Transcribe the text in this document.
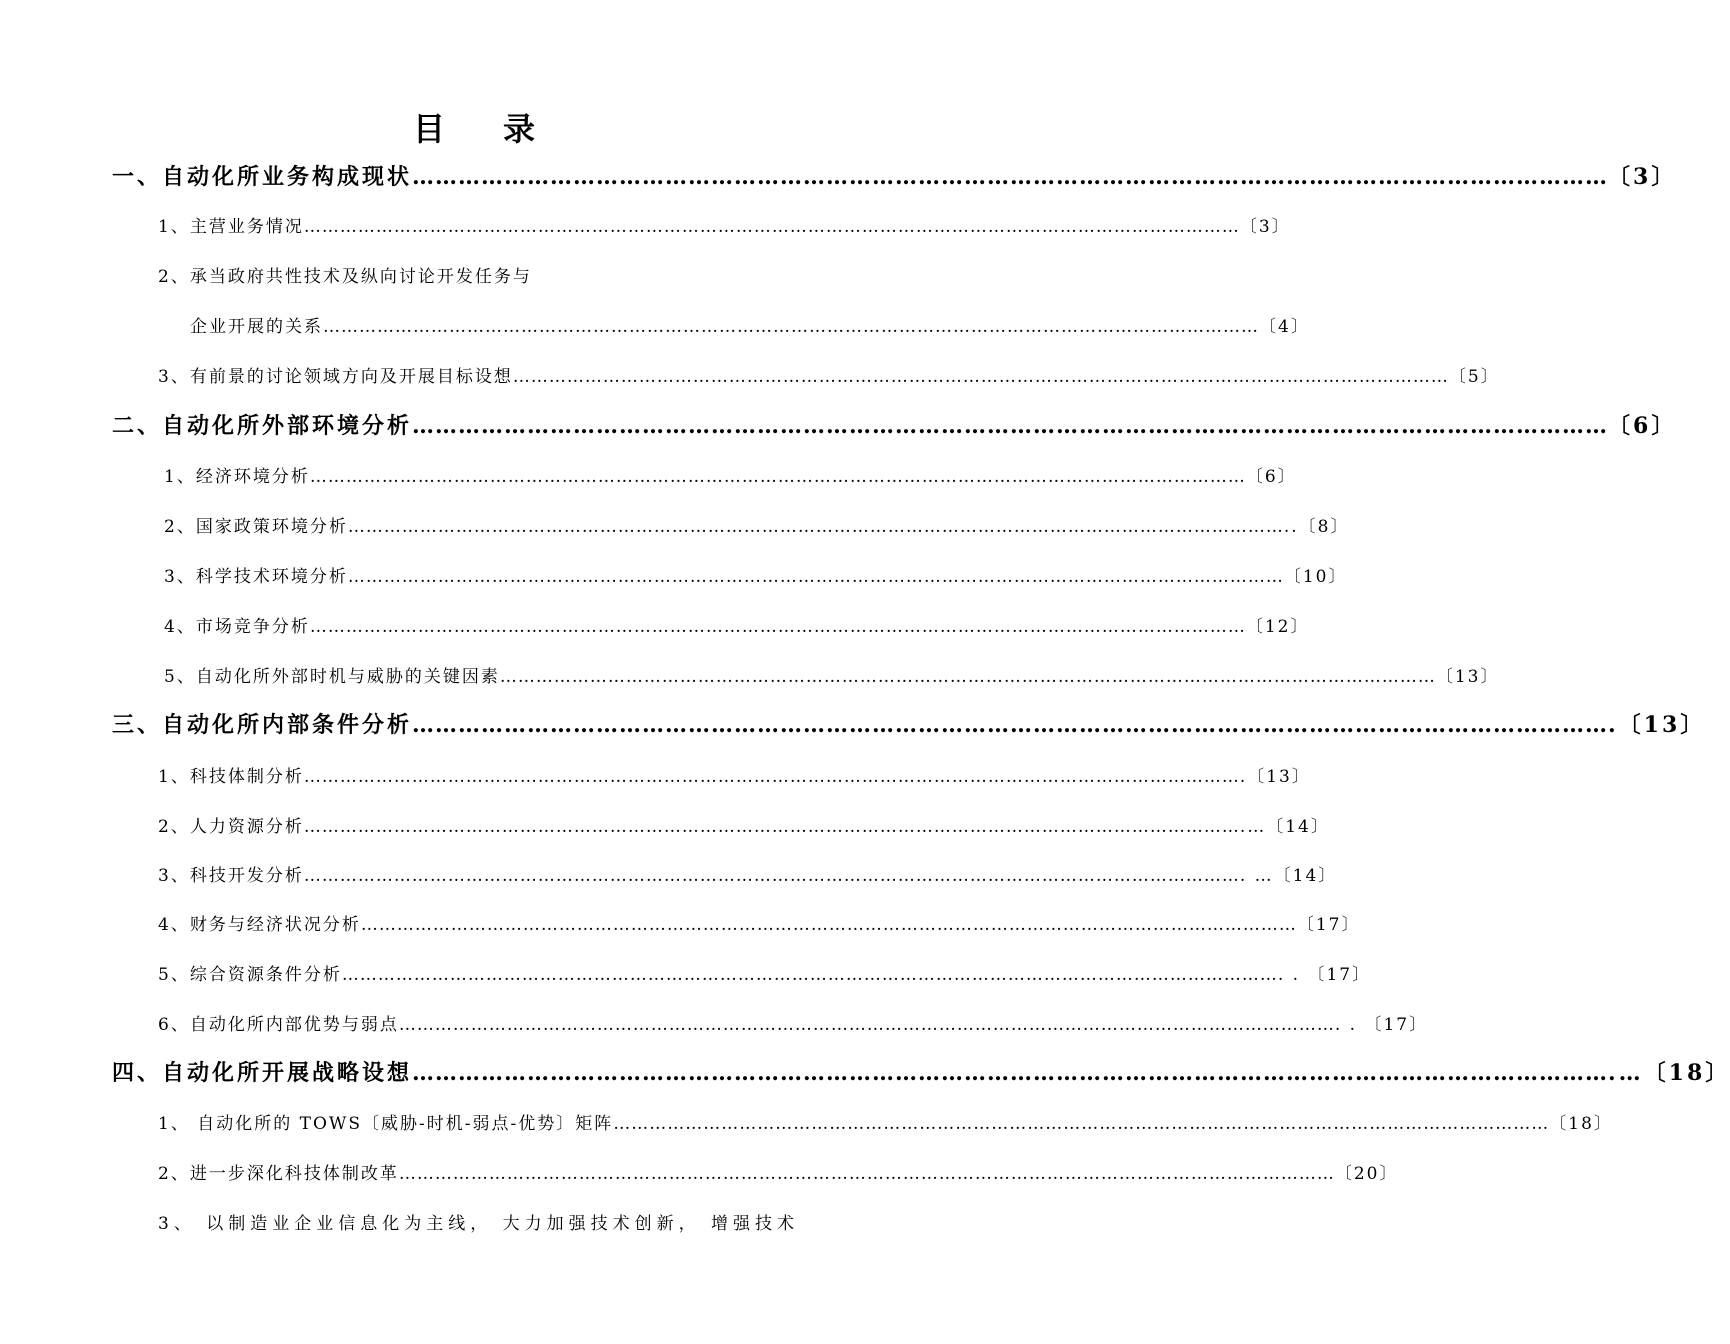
目 录
一、自动化所业务构成现状 ………………………………………………………………………………………………………………………………………… 〔3〕
1、主营业务情况 ………………………………………………………………………………………………………………………………………… 〔3〕
2、承当政府共性技术及纵向讨论开发任务与
企业开展的关系 ………………………………………………………………………………………………………………………………………… 〔4〕
3、有前景的讨论领域方向及开展目标设想 ………………………………………………………………………………………………………………………………………… 〔5〕
二、自动化所外部环境分析 ………………………………………………………………………………………………………………………………………… 〔6〕
1、经济环境分析 ………………………………………………………………………………………………………………………………………… 〔6〕
2、国家政策环境分析 ………………………………………………………………………………………………………………………………………… ..〔8〕
3、科学技术环境分析 ………………………………………………………………………………………………………………………………………… 〔10〕
4、市场竞争分析 ………………………………………………………………………………………………………………………………………… 〔12〕
5、自动化所外部时机与威胁的关键因素 ………………………………………………………………………………………………………………………………………… 〔13〕
三、自动化所内部条件分析 ………………………………………………………………………………………………………………………………………… .〔13〕
1、科技体制分析 ………………………………………………………………………………………………………………………………………… .〔13〕
2、人力资源分析 ………………………………………………………………………………………………………………………………………… .…〔14〕
3、科技开发分析 ………………………………………………………………………………………………………………………………………… . …〔14〕
4、财务与经济状况分析 ………………………………………………………………………………………………………………………………………… 〔17〕
5、综合资源条件分析 ………………………………………………………………………………………………………………………………………… . . 〔17〕
6、自动化所内部优势与弱点 ………………………………………………………………………………………………………………………………………… . . 〔17〕
四、自动化所开展战略设想 ………………………………………………………………………………………………………………………………………… .…〔18〕
1、 自动化所的 TOWS〔威胁-时机-弱点-优势〕矩阵 ………………………………………………………………………………………………………………………………………… 〔18〕
2、进一步深化科技体制改革 ………………………………………………………………………………………………………………………………………… 〔20〕
3、 以制造业企业信息化为主线， 大力加强技术创新， 增强技术
